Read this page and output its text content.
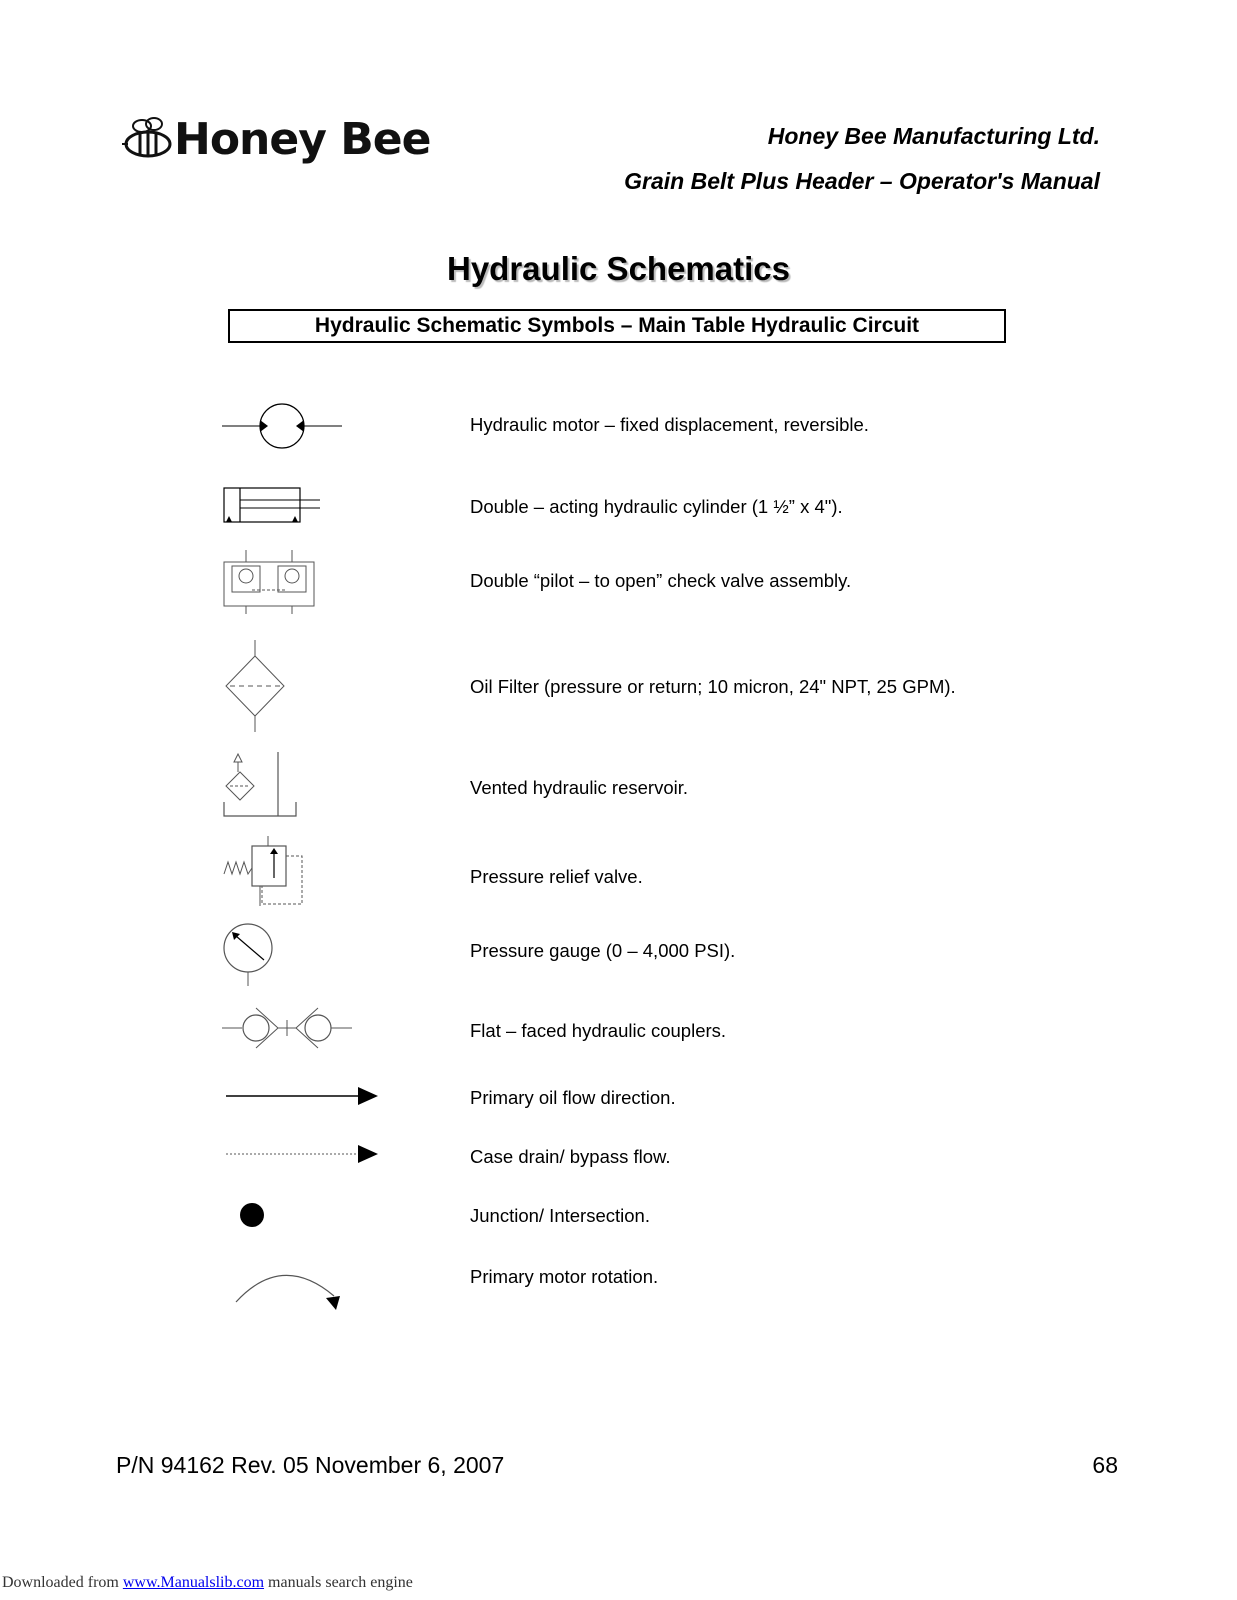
Honey Bee	Honey Bee Manufacturing Ltd.
Grain Belt Plus Header – Operator's Manual
Hydraulic Schematics
Hydraulic Schematic Symbols – Main Table Hydraulic Circuit
Hydraulic motor – fixed displacement, reversible.
Double – acting hydraulic cylinder (1 ½” x 4").
Double “pilot – to open” check valve assembly.
Oil Filter (pressure or return; 10 micron, 24" NPT, 25 GPM).
Vented hydraulic reservoir.
Pressure relief valve.
Pressure gauge (0 – 4,000 PSI).
Flat – faced hydraulic couplers.
Primary oil flow direction.
Case drain/ bypass flow.
Junction/ Intersection.
Primary motor rotation.
P/N 94162 Rev. 05 November 6, 2007	68
Downloaded from www.Manualslib.com manuals search engine
